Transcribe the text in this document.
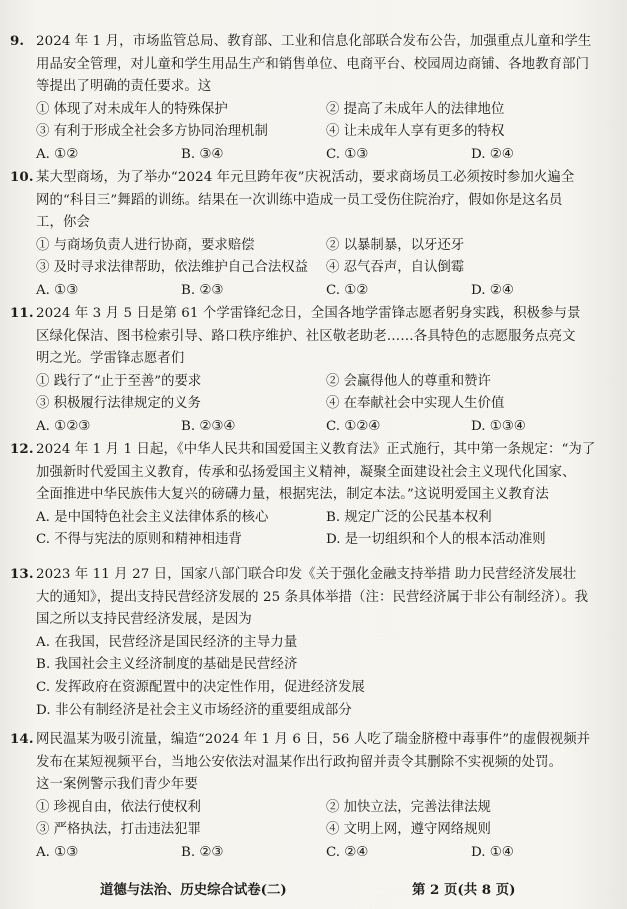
9. 2024 年 1 月，市场监管总局、教育部、工业和信息化部联合发布公告，加强重点儿童和学生
用品安全管理，对儿童和学生用品生产和销售单位、电商平台、校园周边商铺、各地教育部门
等提出了明确的责任要求。这
① 体现了对未成年人的特殊保护	② 提高了未成年人的法律地位
③ 有利于形成全社会多方协同治理机制	④ 让未成年人享有更多的特权
A. ①②	B. ③④	C. ①③	D. ②④
10. 某大型商场，为了举办“2024 年元旦跨年夜”庆祝活动，要求商场员工必须按时参加火遍全
网的“科目三”舞蹈的训练。结果在一次训练中造成一员工受伤住院治疗，假如你是这名员
工，你会
① 与商场负责人进行协商，要求赔偿	② 以暴制暴，以牙还牙
③ 及时寻求法律帮助，依法维护自己合法权益	④ 忍气吞声，自认倒霉
A. ①③	B. ②③	C. ①②	D. ②④
11. 2024 年 3 月 5 日是第 61 个学雷锋纪念日，全国各地学雷锋志愿者躬身实践，积极参与景
区绿化保洁、图书检索引导、路口秩序维护、社区敬老助老……各具特色的志愿服务点亮文
明之光。学雷锋志愿者们
① 践行了“止于至善”的要求	② 会赢得他人的尊重和赞许
③ 积极履行法律规定的义务	④ 在奉献社会中实现人生价值
A. ①②③	B. ②③④	C. ①②④	D. ①③④
12. 2024 年 1 月 1 日起，《中华人民共和国爱国主义教育法》正式施行，其中第一条规定：“为了
加强新时代爱国主义教育，传承和弘扬爱国主义精神，凝聚全面建设社会主义现代化国家、
全面推进中华民族伟大复兴的磅礴力量，根据宪法，制定本法。”这说明爱国主义教育法
A. 是中国特色社会主义法律体系的核心	B. 规定广泛的公民基本权利
C. 不得与宪法的原则和精神相违背	D. 是一切组织和个人的根本活动准则
13. 2023 年 11 月 27 日，国家八部门联合印发《关于强化金融支持举措 助力民营经济发展壮
大的通知》，提出支持民营经济发展的 25 条具体举措（注：民营经济属于非公有制经济）。我
国之所以支持民营经济发展，是因为
A. 在我国，民营经济是国民经济的主导力量
B. 我国社会主义经济制度的基础是民营经济
C. 发挥政府在资源配置中的决定性作用，促进经济发展
D. 非公有制经济是社会主义市场经济的重要组成部分
14. 网民温某为吸引流量，编造“2024 年 1 月 6 日，56 人吃了瑞金脐橙中毒事件”的虚假视频并
发布在某短视频平台，当地公安依法对温某作出行政拘留并责令其删除不实视频的处罚。
这一案例警示我们青少年要
① 珍视自由，依法行使权利	② 加快立法，完善法律法规
③ 严格执法，打击违法犯罪	④ 文明上网，遵守网络规则
A. ①③	B. ②③	C. ②④	D. ①④
道德与法治、历史综合试卷(二)	第 2 页(共 8 页)
